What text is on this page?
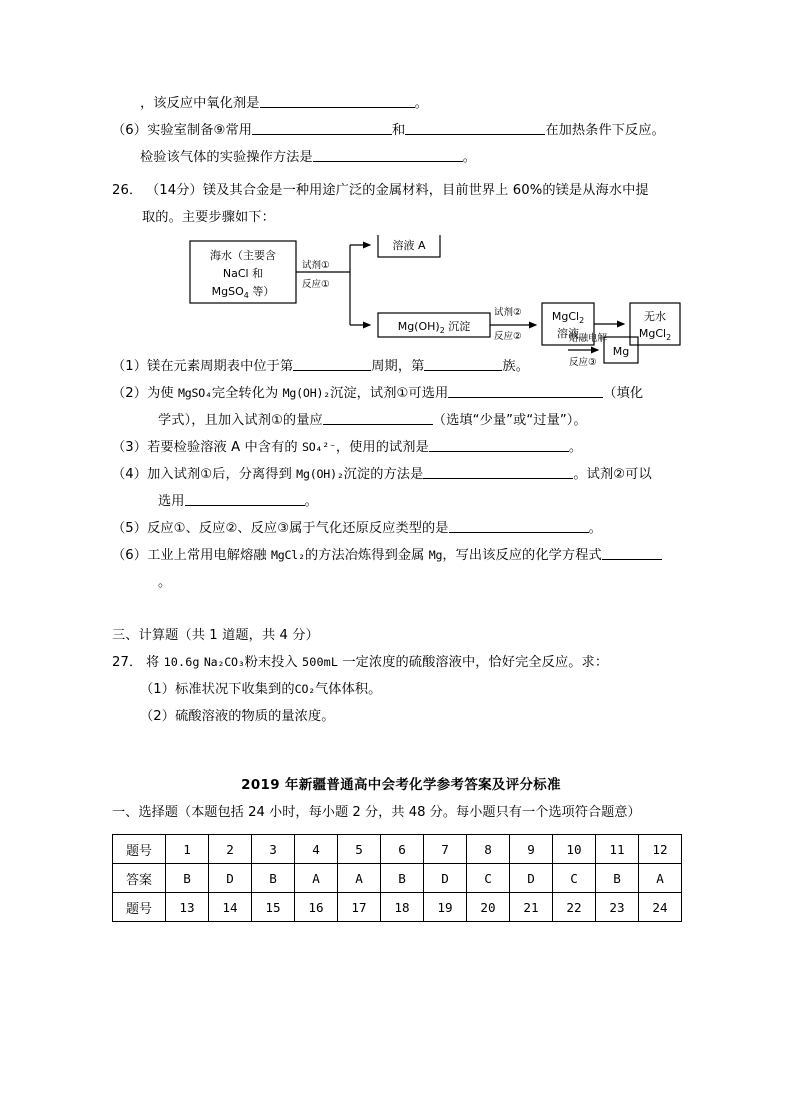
，该反应中氧化剂是	。
（6）实验室制备⑨常用	和	在加热条件下反应。
检验该气体的实验操作方法是	。
26． （14分）镁及其合金是一种用途广泛的金属材料，目前世界上 60%的镁是从海水中提
取的。主要步骤如下：
海水（主要含
NaCl 和
MgSO$_4$ 等）
试剂①
反应①
溶液 A
$Mg(OH)_2$ 沉淀
试剂②
反应②
MgCl$_2$
溶液
无水
MgCl$_2$
（1）镁在元素周期表中位于第	周期，第	族。
（2）为使 MgSO₄完全转化为 Mg(OH)₂沉淀，试剂①可选用	（填化
学式），且加入试剂①的量应	（选填“少量”或“过量”）。
（3）若要检验溶液 A 中含有的 SO₄²⁻，使用的试剂是	。
（4）加入试剂①后，分离得到 Mg(OH)₂沉淀的方法是	。试剂②可以
选用	。
（5）反应①、反应②、反应③属于气化还原反应类型的是	。
（6）工业上常用电解熔融 MgCl₂的方法冶炼得到金属 Mg，写出该反应的化学方程式
。
三、计算题（共 1 道题，共 4 分）
27． 将 10.6g Na₂CO₃粉末投入 500mL 一定浓度的硫酸溶液中，恰好完全反应。求：
（1）标准状况下收集到的CO₂气体体积。
（2）硫酸溶液的物质的量浓度。
2019 年新疆普通高中会考化学参考答案及评分标准
一、选择题（本题包括 24 小时，每小题 2 分，共 48 分。每小题只有一个选项符合题意）
题号	1	2	3	4	5	6	7	8	9	10	11	12
答案	B	D	B	A	A	B	D	C	D	C	B	A
题号	13	14	15	16	17	18	19	20	21	22	23	24
熔融电解
反应③
Mg
